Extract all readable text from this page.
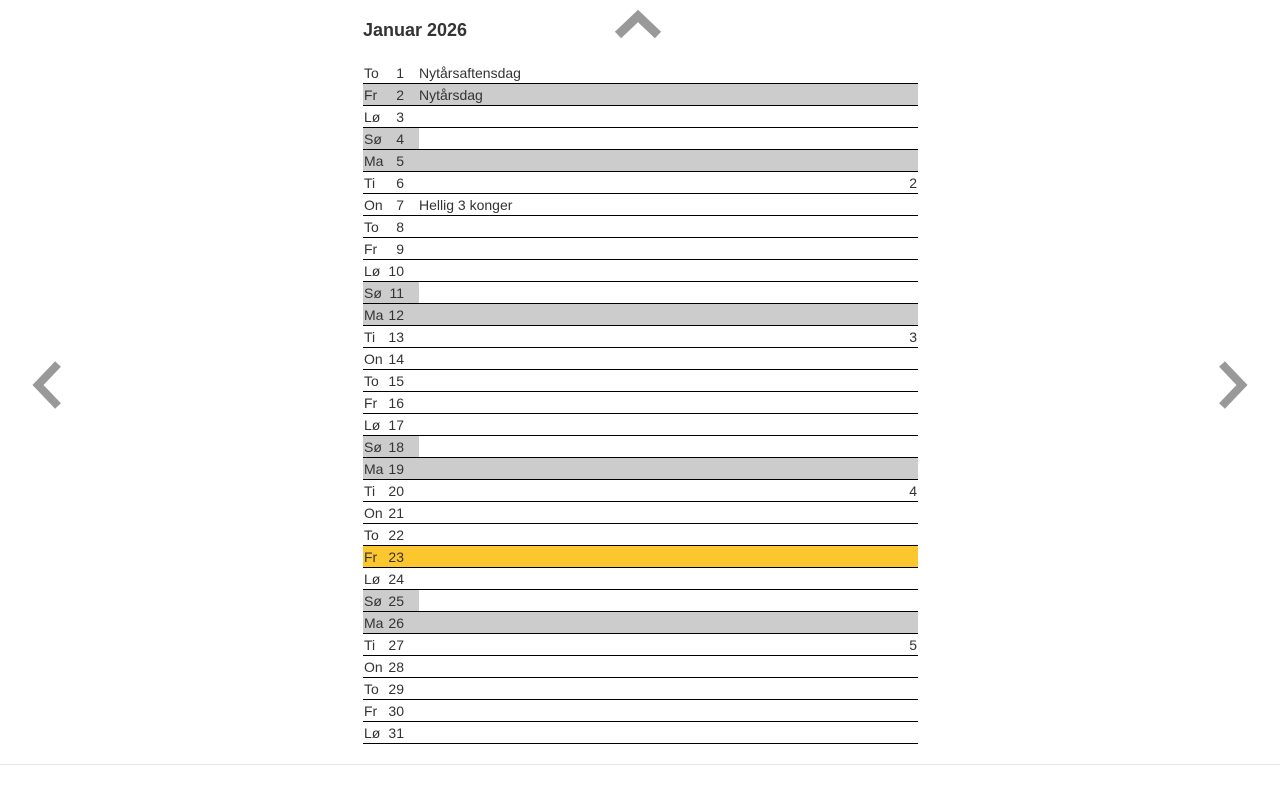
Januar 2026
To	1 Nytårsaftensdag
Fr	2 Nytårsdag
Lø	3
Sø	4
Ma 5
Ti	6	2
On 7 Hellig 3 konger
To	8
Fr	9
Lø 10
Sø 11
Ma 12
Ti 13	3
On 14
To 15
Fr 16
Lø 17
Sø 18
Ma 19
Ti 20	4
On 21
To 22
Fr 23
Lø 24
Sø 25
Ma 26
Ti 27	5
On 28
To 29
Fr 30
Lø 31
